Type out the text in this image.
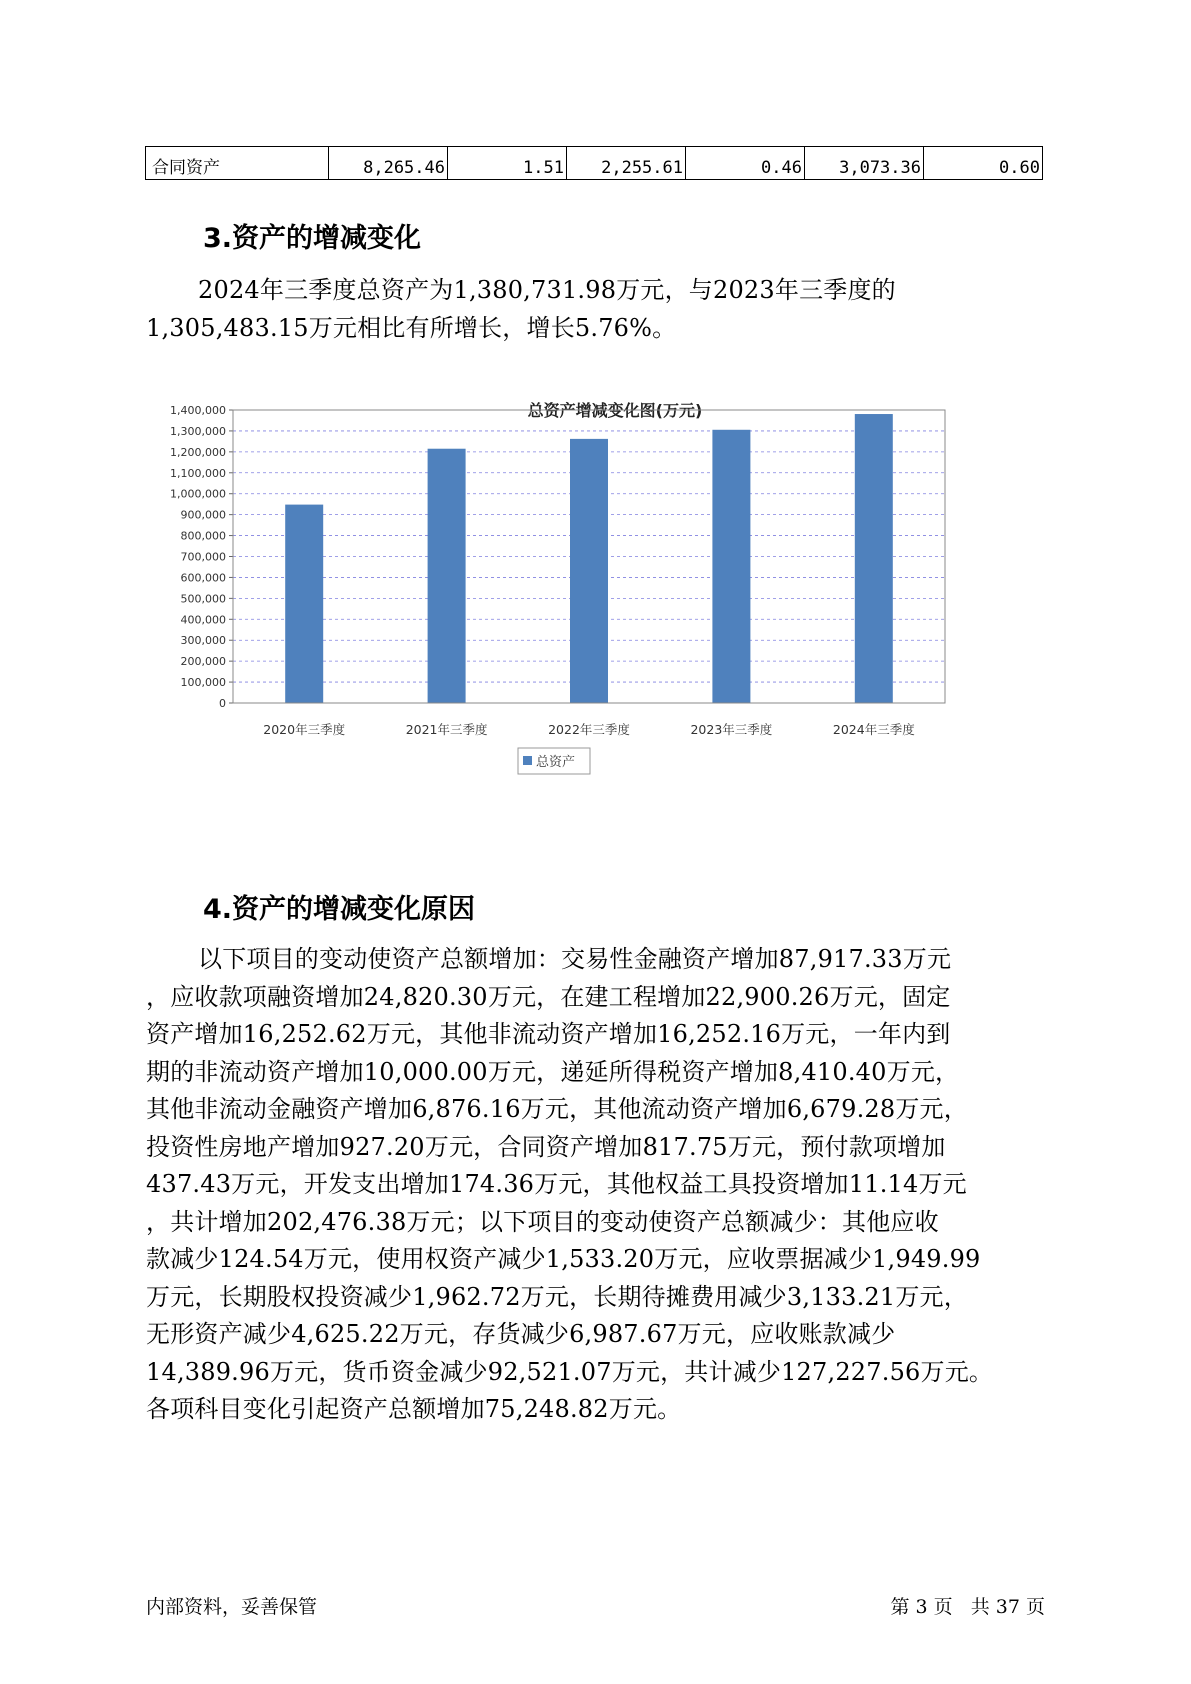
合同资产	8,265.46	1.51	2,255.61	0.46	3,073.36	0.60
3.资产的增减变化
2024年三季度总资产为1,380,731.98万元，与2023年三季度的
1,305,483.15万元相比有所增长，增长5.76%。
总资产增减变化图(万元)
0
100,000
200,000
300,000
400,000
500,000
600,000
700,000
800,000
900,000
1,000,000
1,100,000
1,200,000
1,300,000
1,400,000
2020年三季度	2021年三季度	2022年三季度	2023年三季度	2024年三季度
总资产
4.资产的增减变化原因
以下项目的变动使资产总额增加：交易性金融资产增加87,917.33万元
，应收款项融资增加24,820.30万元，在建工程增加22,900.26万元，固定
资产增加16,252.62万元，其他非流动资产增加16,252.16万元，一年内到
期的非流动资产增加10,000.00万元，递延所得税资产增加8,410.40万元，
其他非流动金融资产增加6,876.16万元，其他流动资产增加6,679.28万元，
投资性房地产增加927.20万元，合同资产增加817.75万元，预付款项增加
437.43万元，开发支出增加174.36万元，其他权益工具投资增加11.14万元
，共计增加202,476.38万元；以下项目的变动使资产总额减少：其他应收
款减少124.54万元，使用权资产减少1,533.20万元，应收票据减少1,949.99
万元，长期股权投资减少1,962.72万元，长期待摊费用减少3,133.21万元，
无形资产减少4,625.22万元，存货减少6,987.67万元，应收账款减少
14,389.96万元，货币资金减少92,521.07万元，共计减少127,227.56万元。
各项科目变化引起资产总额增加75,248.82万元。
内部资料，妥善保管	第 3 页   共 37 页
